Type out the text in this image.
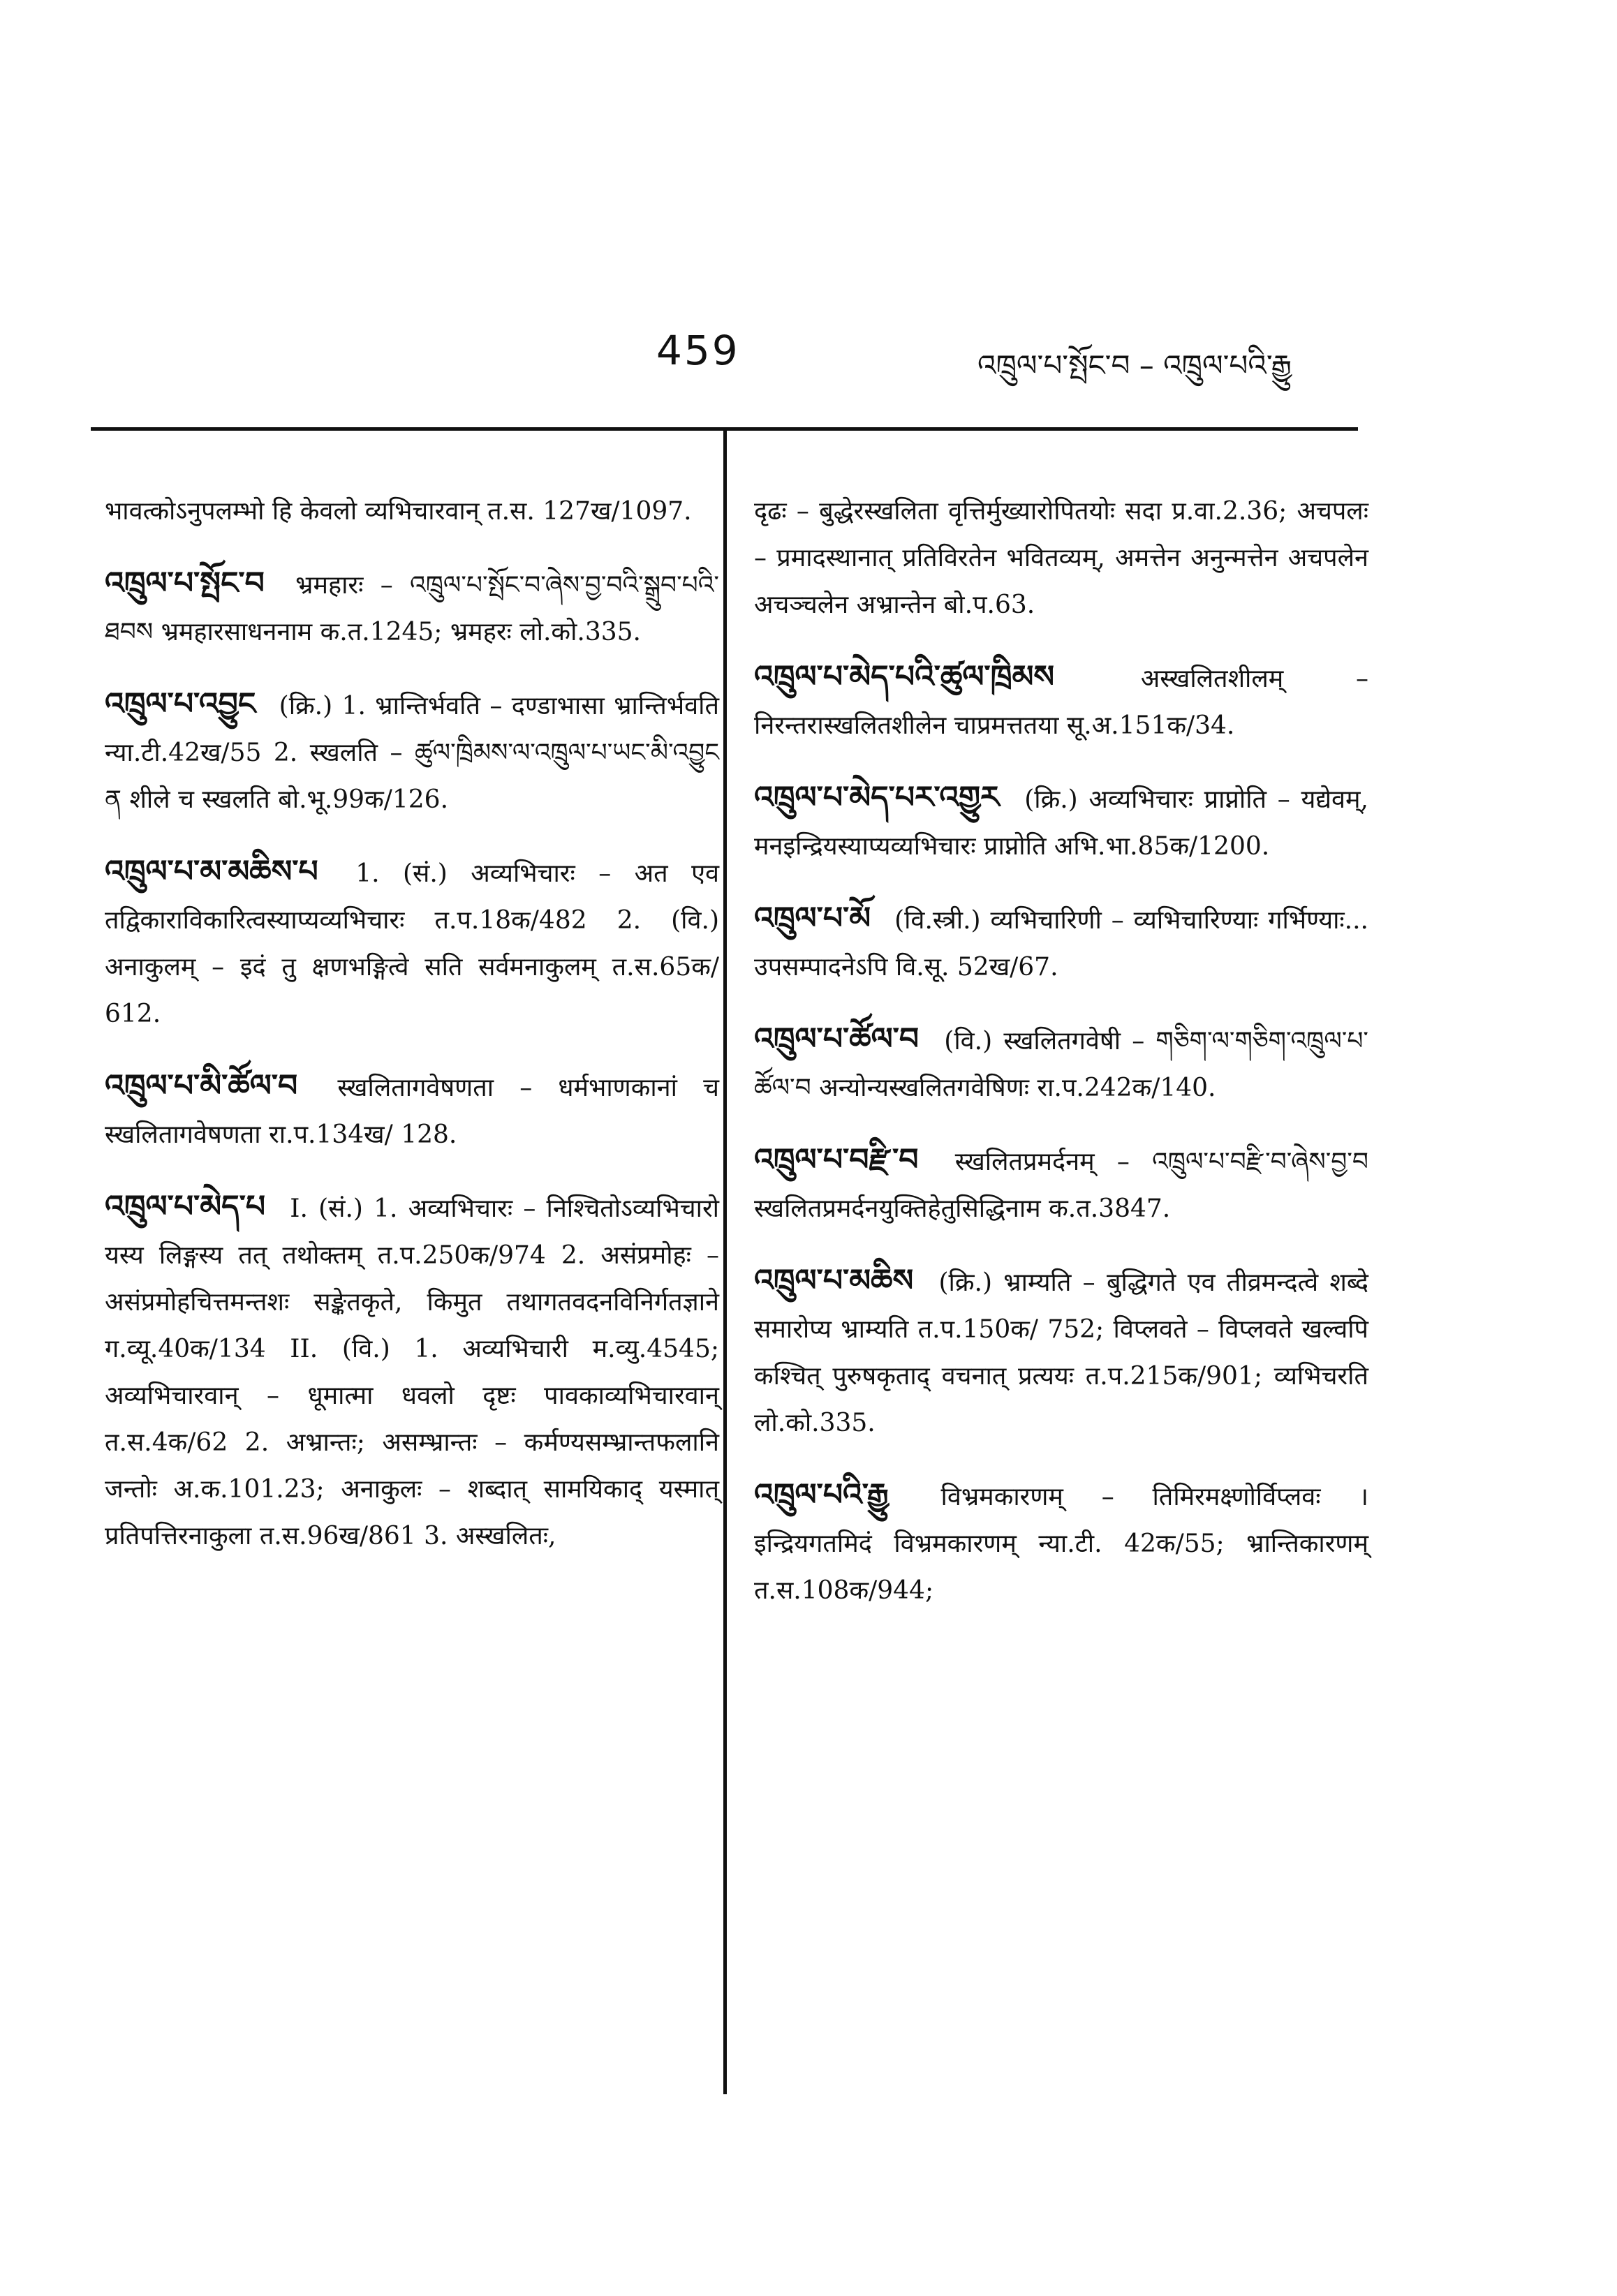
459	འཁྲུལ་པ་སྤོང་བ – འཁྲུལ་པའི་རྒྱུ

भावत्कोऽनुपलम्भो हि केवलो व्यभिचारवान् त.स. 127ख/1097.

འཁྲུལ་པ་སྤོང་བ भ्रमहारः – འཁྲུལ་པ་སྤོང་བ་ཞེས་བྱ་བའི་སྒྲུབ་པའི་ཐབས भ्रमहारसाधननाम क.त.1245; भ्रमहरः लो.को.335.

འཁྲུལ་པ་འབྱུང (क्रि.) 1. भ्रान्तिर्भवति – दण्डाभासा भ्रान्तिर्भवति न्या.टी.42ख/55 2. स्खलति – ཚུལ་ཁྲིམས་ལ་འཁྲུལ་པ་ཡང་མི་འབྱུང ན शीले च स्खलति बो.भू.99क/126.

འཁྲུལ་པ་མ་མཆིས་པ 1. (सं.) अव्यभिचारः – अत एव तद्विकाराविकारित्वस्याप्यव्यभिचारः त.प.18क/482 2. (वि.) अनाकुलम् – इदं तु क्षणभङ्गित्वे सति सर्वमनाकुलम् त.स.65क/ 612.

འཁྲུལ་པ་མི་ཚོལ་བ स्खलितागवेषणता – धर्मभाणकानां च स्खलितागवेषणता रा.प.134ख/ 128.

འཁྲུལ་པ་མེད་པ I. (सं.) 1. अव्यभिचारः – निश्चितोऽव्यभिचारो यस्य लिङ्गस्य तत् तथोक्तम् त.प.250क/974 2. असंप्रमोहः – असंप्रमोहचित्तमन्तशः सङ्केतकृते, किमुत तथागतवदनविनिर्गतज्ञाने ग.व्यू.40क/134 II. (वि.) 1. अव्यभिचारी म.व्यु.4545; अव्यभिचारवान् – धूमात्मा धवलो दृष्टः पावकाव्यभिचारवान् त.स.4क/62 2. अभ्रान्तः; असम्भ्रान्तः – कर्मण्यसम्भ्रान्तफलानि जन्तोः अ.क.101.23; अनाकुलः – शब्दात् सामयिकाद् यस्मात् प्रतिपत्तिरनाकुला त.स.96ख/861 3. अस्खलितः,

दृढः – बुद्धेरस्खलिता वृत्तिर्मुख्यारोपितयोः सदा प्र.वा.2.36; अचपलः – प्रमादस्थानात् प्रतिविरतेन भवितव्यम्, अमत्तेन अनुन्मत्तेन अचपलेन अचञ्चलेन अभ्रान्तेन बो.प.63.

འཁྲུལ་པ་མེད་པའི་ཚུལ་ཁྲིམས	अस्खलितशीलम् – निरन्तरास्खलितशीलेन चाप्रमत्ततया सू.अ.151क/34.

འཁྲུལ་པ་མེད་པར་འགྱུར (क्रि.) अव्यभिचारः प्राप्नोति – यद्येवम्, मनइन्द्रियस्याप्यव्यभिचारः प्राप्नोति अभि.भा.85क/1200.

འཁྲུལ་པ་མོ (वि.स्त्री.) व्यभिचारिणी – व्यभिचारिण्याः गर्भिण्याः... उपसम्पादनेऽपि वि.सू. 52ख/67.

འཁྲུལ་པ་ཚོལ་བ (वि.) स्खलितगवेषी – གཅིག་ལ་གཅིག་འཁྲུལ་པ་ཚོལ་བ अन्योन्यस्खलितगवेषिणः रा.प.242क/140.

འཁྲུལ་པ་བརྫི་བ स्खलितप्रमर्दनम् – འཁྲུལ་པ་བརྫི་བ་ཞེས་བྱ་བ स्खलितप्रमर्दनयुक्तिहेतुसिद्धिनाम क.त.3847.

འཁྲུལ་པ་མཆིས (क्रि.) भ्राम्यति – बुद्धिगते एव तीव्रमन्दत्वे शब्दे समारोप्य भ्राम्यति त.प.150क/ 752; विप्लवते – विप्लवते खल्वपि कश्चित् पुरुषकृताद् वचनात् प्रत्ययः त.प.215क/901; व्यभिचरति लो.को.335.

འཁྲུལ་པའི་རྒྱུ विभ्रमकारणम् – तिमिरमक्ष्णोर्विप्लवः । इन्द्रियगतमिदं विभ्रमकारणम् न्या.टी. 42क/55; भ्रान्तिकारणम् त.स.108क/944;
